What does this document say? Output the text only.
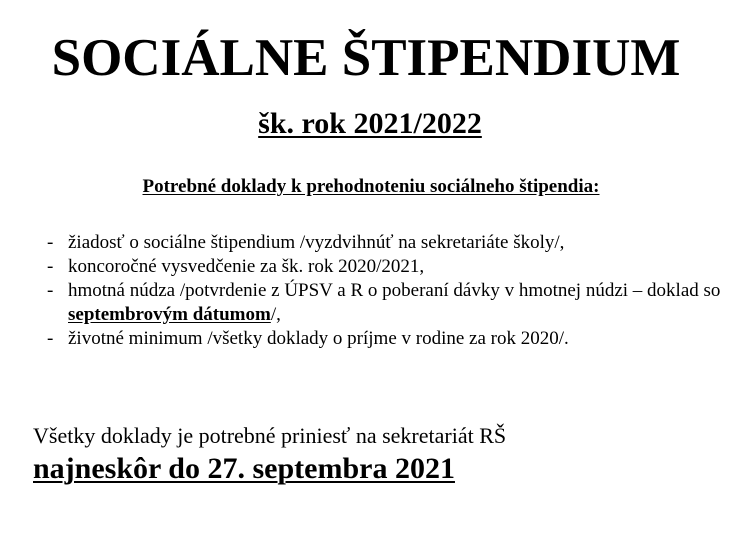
SOCIÁLNE ŠTIPENDIUM
šk. rok 2021/2022
Potrebné doklady k prehodnoteniu sociálneho štipendia:
- žiadosť o sociálne štipendium /vyzdvihnúť na sekretariáte školy/,
- koncoročné vysvedčenie za šk. rok 2020/2021,
- hmotná núdza /potvrdenie z ÚPSV a R o poberaní dávky v hmotnej núdzi – doklad so septembrovým dátumom/,
- životné minimum /všetky doklady o príjme v rodine za rok 2020/.

Všetky doklady je potrebné priniesť na sekretariát RŠ

najneskôr do 27. septembra 2021
